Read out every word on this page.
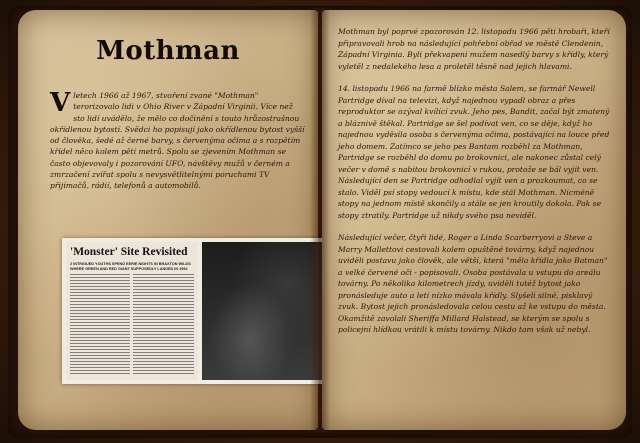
Mothman
V letech 1966 až 1967, stvoření zvané "Mothman" terorizovalo lidi v Ohio River v Západní Virginii. Více než sto lidí uvádělo, že mělo co dočinění s touto hrůzostrašnou okřídlenou bytostí. Svědci ho popisují jako okřídlenou bytost vyšší od člověka, šedé až černé barvy, s červenýma očima a s rozpětím křídel něco kolem pěti metrů. Spolu se zjevením Mothman se často objevovaly i pozorování UFO, návštěvy mužů v černém a zmrzačení zvířat spolu s nevysvětlitelnými poruchami TV přijímačů, rádií, telefonů a automobilů.
'Monster' Site Revisited
2 INTRIGUED YOUTHS SPEND EERIE NIGHTS IN BRAXTON WILDS WHERE GREEN AND RED GIANT SUPPOSEDLY LANDED IN 1952

Mothman byl poprvé zpozorován 12. listopadu 1966 pěti hrobaři, kteří připravovali hrob na následující pohřební obřad ve městě Clendenin, Západní Virginia. Byli překvapeni mužem nasedlý barvy s křídly, který vyletěl z nedalekého lesa a proletěl těsně nad jejich hlavami.

14. listopadu 1966 na farmě blízko města Salem, se farmář Newell Partridge díval na televizi, když najednou vypadl obraz a přes reproduktor se ozýval kvílící zvuk. Jeho pes, Bandit, začal být zmatený a bláznivě štěkal. Partridge se šel podívat ven, co se děje, když ho najednou vyděsila osoba s červenýma očima, postávající na louce před jeho domem. Zatímco se jeho pes Bantam rozběhl za Mothman, Partridge se rozběhl do domu po brokovnici, ale nakonec zůstal celý večer v domě s nabitou brokovnicí v rukou, protože se bál vyjít ven. Následující den se Partridge odhodlal vyjít ven a prozkoumat, co se stalo. Viděl psí stopy vedoucí k místu, kde stál Mothman. Nicméně stopy na jednom místě skončily a stále se jen kroutily dokola. Pak se stopy ztratily. Partridge už nikdy svého psa neviděl.

Následující večer, čtyři lidé, Roger a Linda Scarberryovi a Steve a Marry Mallettovi cestovali kolem opuštěné továrny, když najednou uviděli postavu jako člověk, ale větší, která "měla křídla jako Batman" a velké červené oči - popisovali. Osoba postávala u vstupu do areálu továrny. Po několika kilometrech jízdy, uviděli tutéž bytost jako pronásleduje auto a letí nízko mávala křídly. Slyšeli silné, pisklavý zvuk. Bytost jejich pronásledovala celou cestu až ke vstupu do města. Okamžitě zavolali Sheriffa Millard Halstead, se kterým se spolu s policejní hlídkou vrátili k místu továrny. Nikdo tam však už nebyl.
